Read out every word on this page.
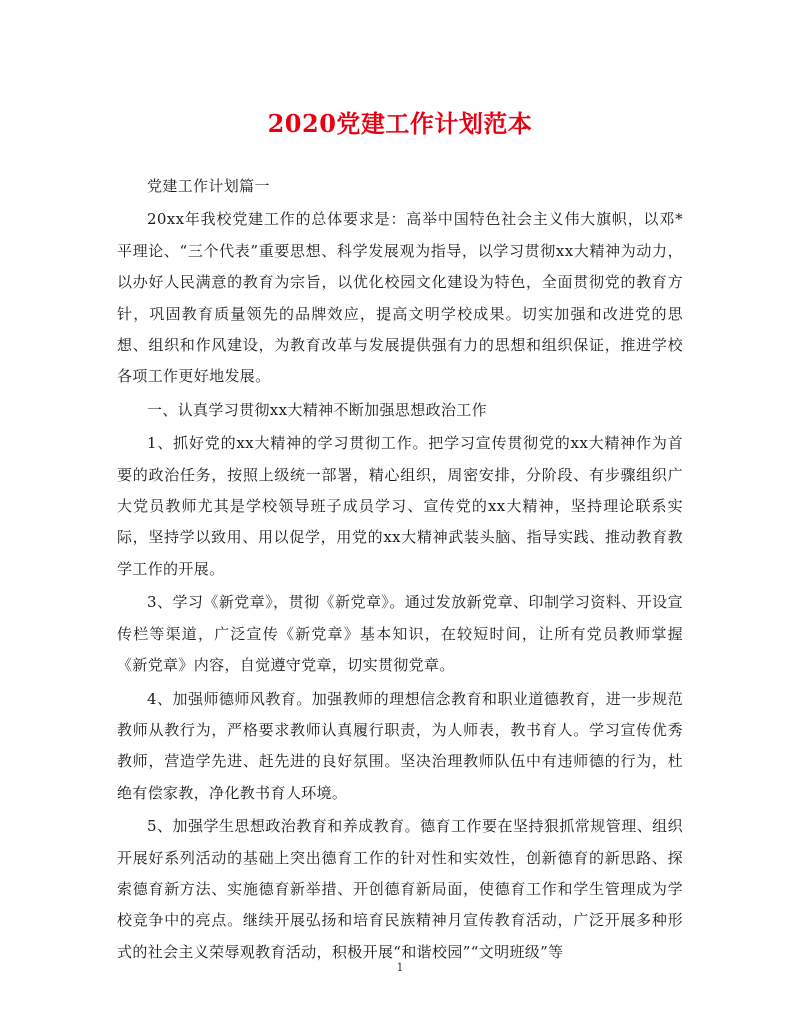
2020党建工作计划范本

党建工作计划篇一

20xx年我校党建工作的总体要求是：高举中国特色社会主义伟大旗帜，以邓*平理论、“三个代表”重要思想、科学发展观为指导，以学习贯彻xx大精神为动力，以办好人民满意的教育为宗旨，以优化校园文化建设为特色，全面贯彻党的教育方针，巩固教育质量领先的品牌效应，提高文明学校成果。切实加强和改进党的思想、组织和作风建设，为教育改革与发展提供强有力的思想和组织保证，推进学校各项工作更好地发展。

一、认真学习贯彻xx大精神不断加强思想政治工作

1、抓好党的xx大精神的学习贯彻工作。把学习宣传贯彻党的xx大精神作为首要的政治任务，按照上级统一部署，精心组织，周密安排，分阶段、有步骤组织广大党员教师尤其是学校领导班子成员学习、宣传党的xx大精神，坚持理论联系实际，坚持学以致用、用以促学，用党的xx大精神武装头脑、指导实践、推动教育教学工作的开展。

3、学习《新党章》，贯彻《新党章》。通过发放新党章、印制学习资料、开设宣传栏等渠道，广泛宣传《新党章》基本知识，在较短时间，让所有党员教师掌握《新党章》内容，自觉遵守党章，切实贯彻党章。

4、加强师德师风教育。加强教师的理想信念教育和职业道德教育，进一步规范教师从教行为，严格要求教师认真履行职责，为人师表，教书育人。学习宣传优秀教师，营造学先进、赶先进的良好氛围。坚决治理教师队伍中有违师德的行为，杜绝有偿家教，净化教书育人环境。

5、加强学生思想政治教育和养成教育。德育工作要在坚持狠抓常规管理、组织开展好系列活动的基础上突出德育工作的针对性和实效性，创新德育的新思路、探索德育新方法、实施德育新举措、开创德育新局面，使德育工作和学生管理成为学校竞争中的亮点。继续开展弘扬和培育民族精神月宣传教育活动，广泛开展多种形式的社会主义荣辱观教育活动，积极开展“和谐校园”“文明班级”等

1
